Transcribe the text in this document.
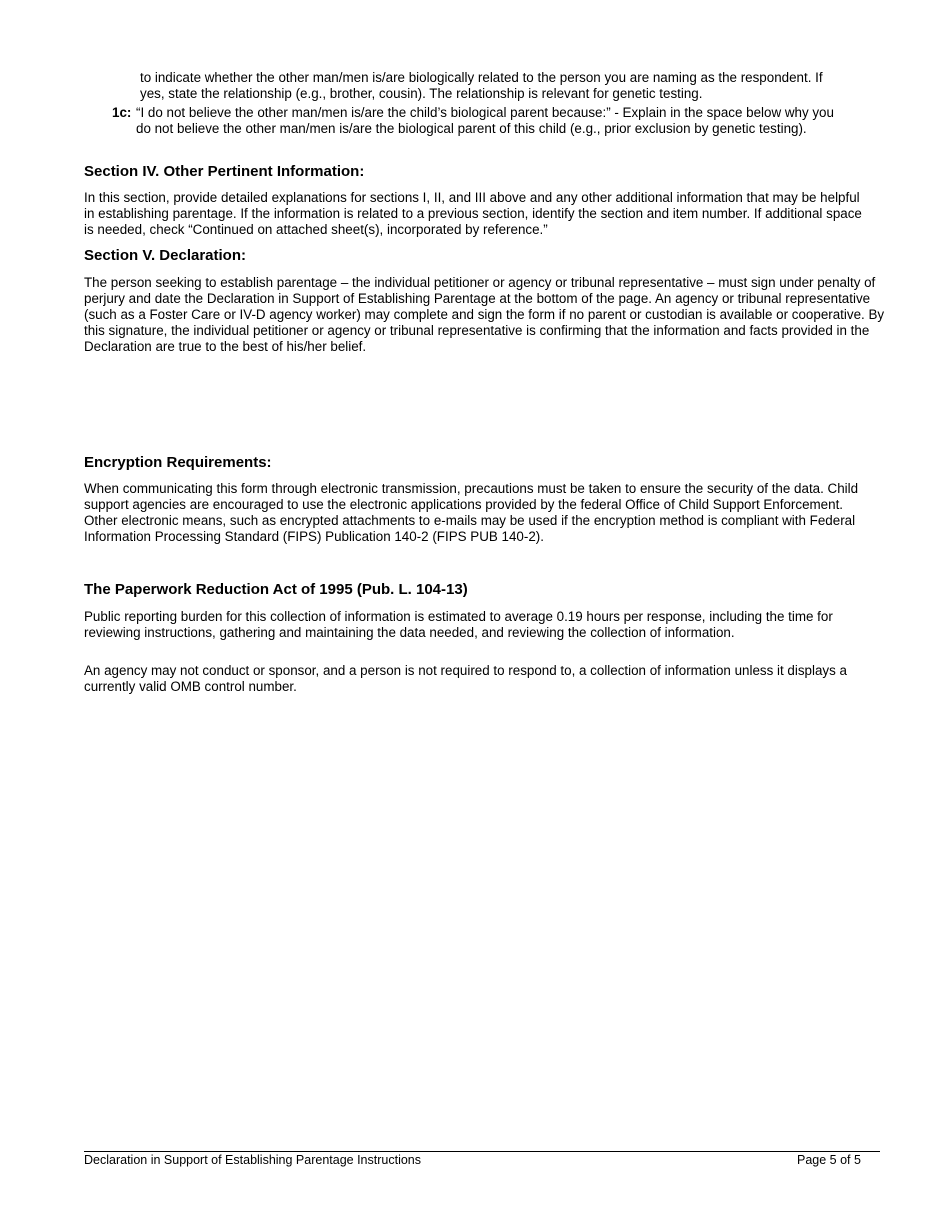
to indicate whether the other man/men is/are biologically related to the person you are naming as the respondent. If yes, state the relationship (e.g., brother, cousin). The relationship is relevant for genetic testing.

1c: “I do not believe the other man/men is/are the child’s biological parent because:” - Explain in the space below why you do not believe the other man/men is/are the biological parent of this child (e.g., prior exclusion by genetic testing).

Section IV. Other Pertinent Information:

In this section, provide detailed explanations for sections I, II, and III above and any other additional information that may be helpful in establishing parentage. If the information is related to a previous section, identify the section and item number. If additional space is needed, check “Continued on attached sheet(s), incorporated by reference.”

Section V. Declaration:

The person seeking to establish parentage – the individual petitioner or agency or tribunal representative – must sign under penalty of perjury and date the Declaration in Support of Establishing Parentage at the bottom of the page. An agency or tribunal representative (such as a Foster Care or IV-D agency worker) may complete and sign the form if no parent or custodian is available or cooperative. By this signature, the individual petitioner or agency or tribunal representative is confirming that the information and facts provided in the Declaration are true to the best of his/her belief.

Encryption Requirements:

When communicating this form through electronic transmission, precautions must be taken to ensure the security of the data. Child support agencies are encouraged to use the electronic applications provided by the federal Office of Child Support Enforcement. Other electronic means, such as encrypted attachments to e-mails may be used if the encryption method is compliant with Federal Information Processing Standard (FIPS) Publication 140-2 (FIPS PUB 140-2).

The Paperwork Reduction Act of 1995 (Pub. L. 104-13)

Public reporting burden for this collection of information is estimated to average 0.19 hours per response, including the time for reviewing instructions, gathering and maintaining the data needed, and reviewing the collection of information.

An agency may not conduct or sponsor, and a person is not required to respond to, a collection of information unless it displays a currently valid OMB control number.

Declaration in Support of Establishing Parentage Instructions	Page 5 of 5
